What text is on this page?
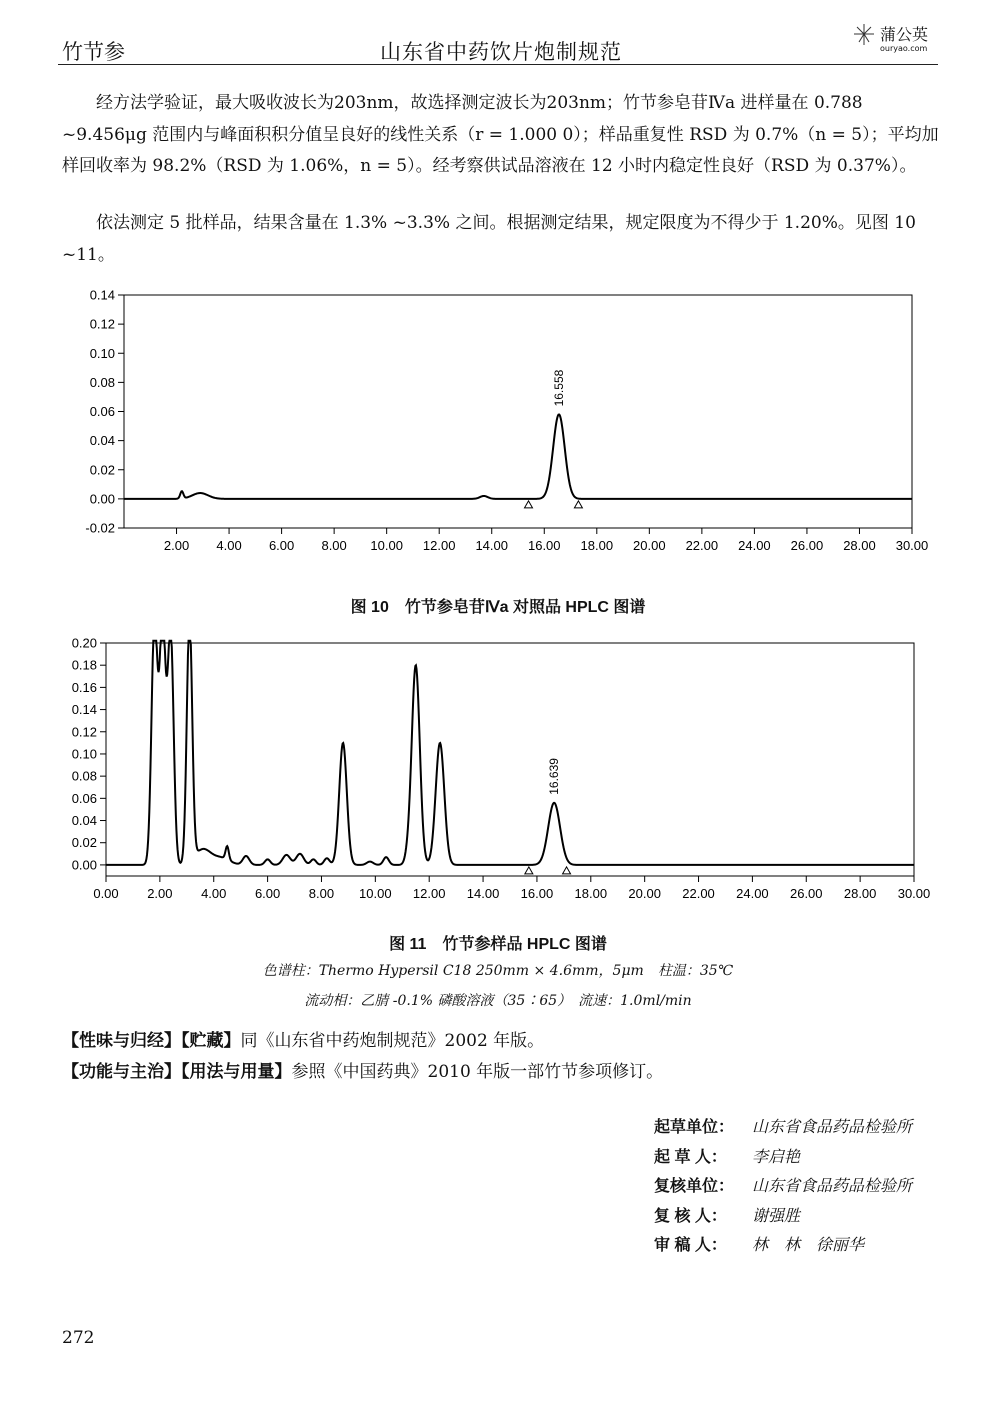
竹节参	山东省中药饮片炮制规范
蒲公英
ouryao.com

经方法学验证，最大吸收波长为203nm，故选择测定波长为203nm；竹节参皂苷Ⅳa 进样量在 0.788 ~9.456μg 范围内与峰面积积分值呈良好的线性关系（r = 1.000 0）；样品重复性 RSD 为 0.7%（n = 5）；平均加样回收率为 98.2%（RSD 为 1.06%，n = 5）。经考察供试品溶液在 12 小时内稳定性良好（RSD 为 0.37%）。

依法测定 5 批样品，结果含量在 1.3% ~3.3% 之间。根据测定结果，规定限度为不得少于 1.20%。见图 10 ~11。

-0.02
0.00
0.02
0.04
0.06
0.08
0.10
0.12
0.14
2.00 4.00 6.00 8.00 10.00 12.00 14.00 16.00 18.00 20.00 22.00 24.00 26.00 28.00 30.00
16.558
图 10　竹节参皂苷Ⅳa 对照品 HPLC 图谱
0.00
0.02
0.04
0.06
0.08
0.10
0.12
0.14
0.16
0.18
0.20
0.00 2.00 4.00 6.00 8.00 10.00 12.00 14.00 16.00 18.00 20.00 22.00 24.00 26.00 28.00 30.00
16.639
图 11　竹节参样品 HPLC 图谱
色谱柱：Thermo Hypersil C18 250mm × 4.6mm，5μm　柱温：35℃
流动相：乙腈 -0.1% 磷酸溶液（35∶65）　流速：1.0ml/min
【性味与归经】【贮藏】同《山东省中药炮制规范》2002 年版。
【功能与主治】【用法与用量】参照《中国药典》2010 年版一部竹节参项修订。
起草单位： 山东省食品药品检验所
起 草 人： 李启艳
复核单位： 山东省食品药品检验所
复 核 人： 谢强胜
审 稿 人： 林　林　徐丽华
272
